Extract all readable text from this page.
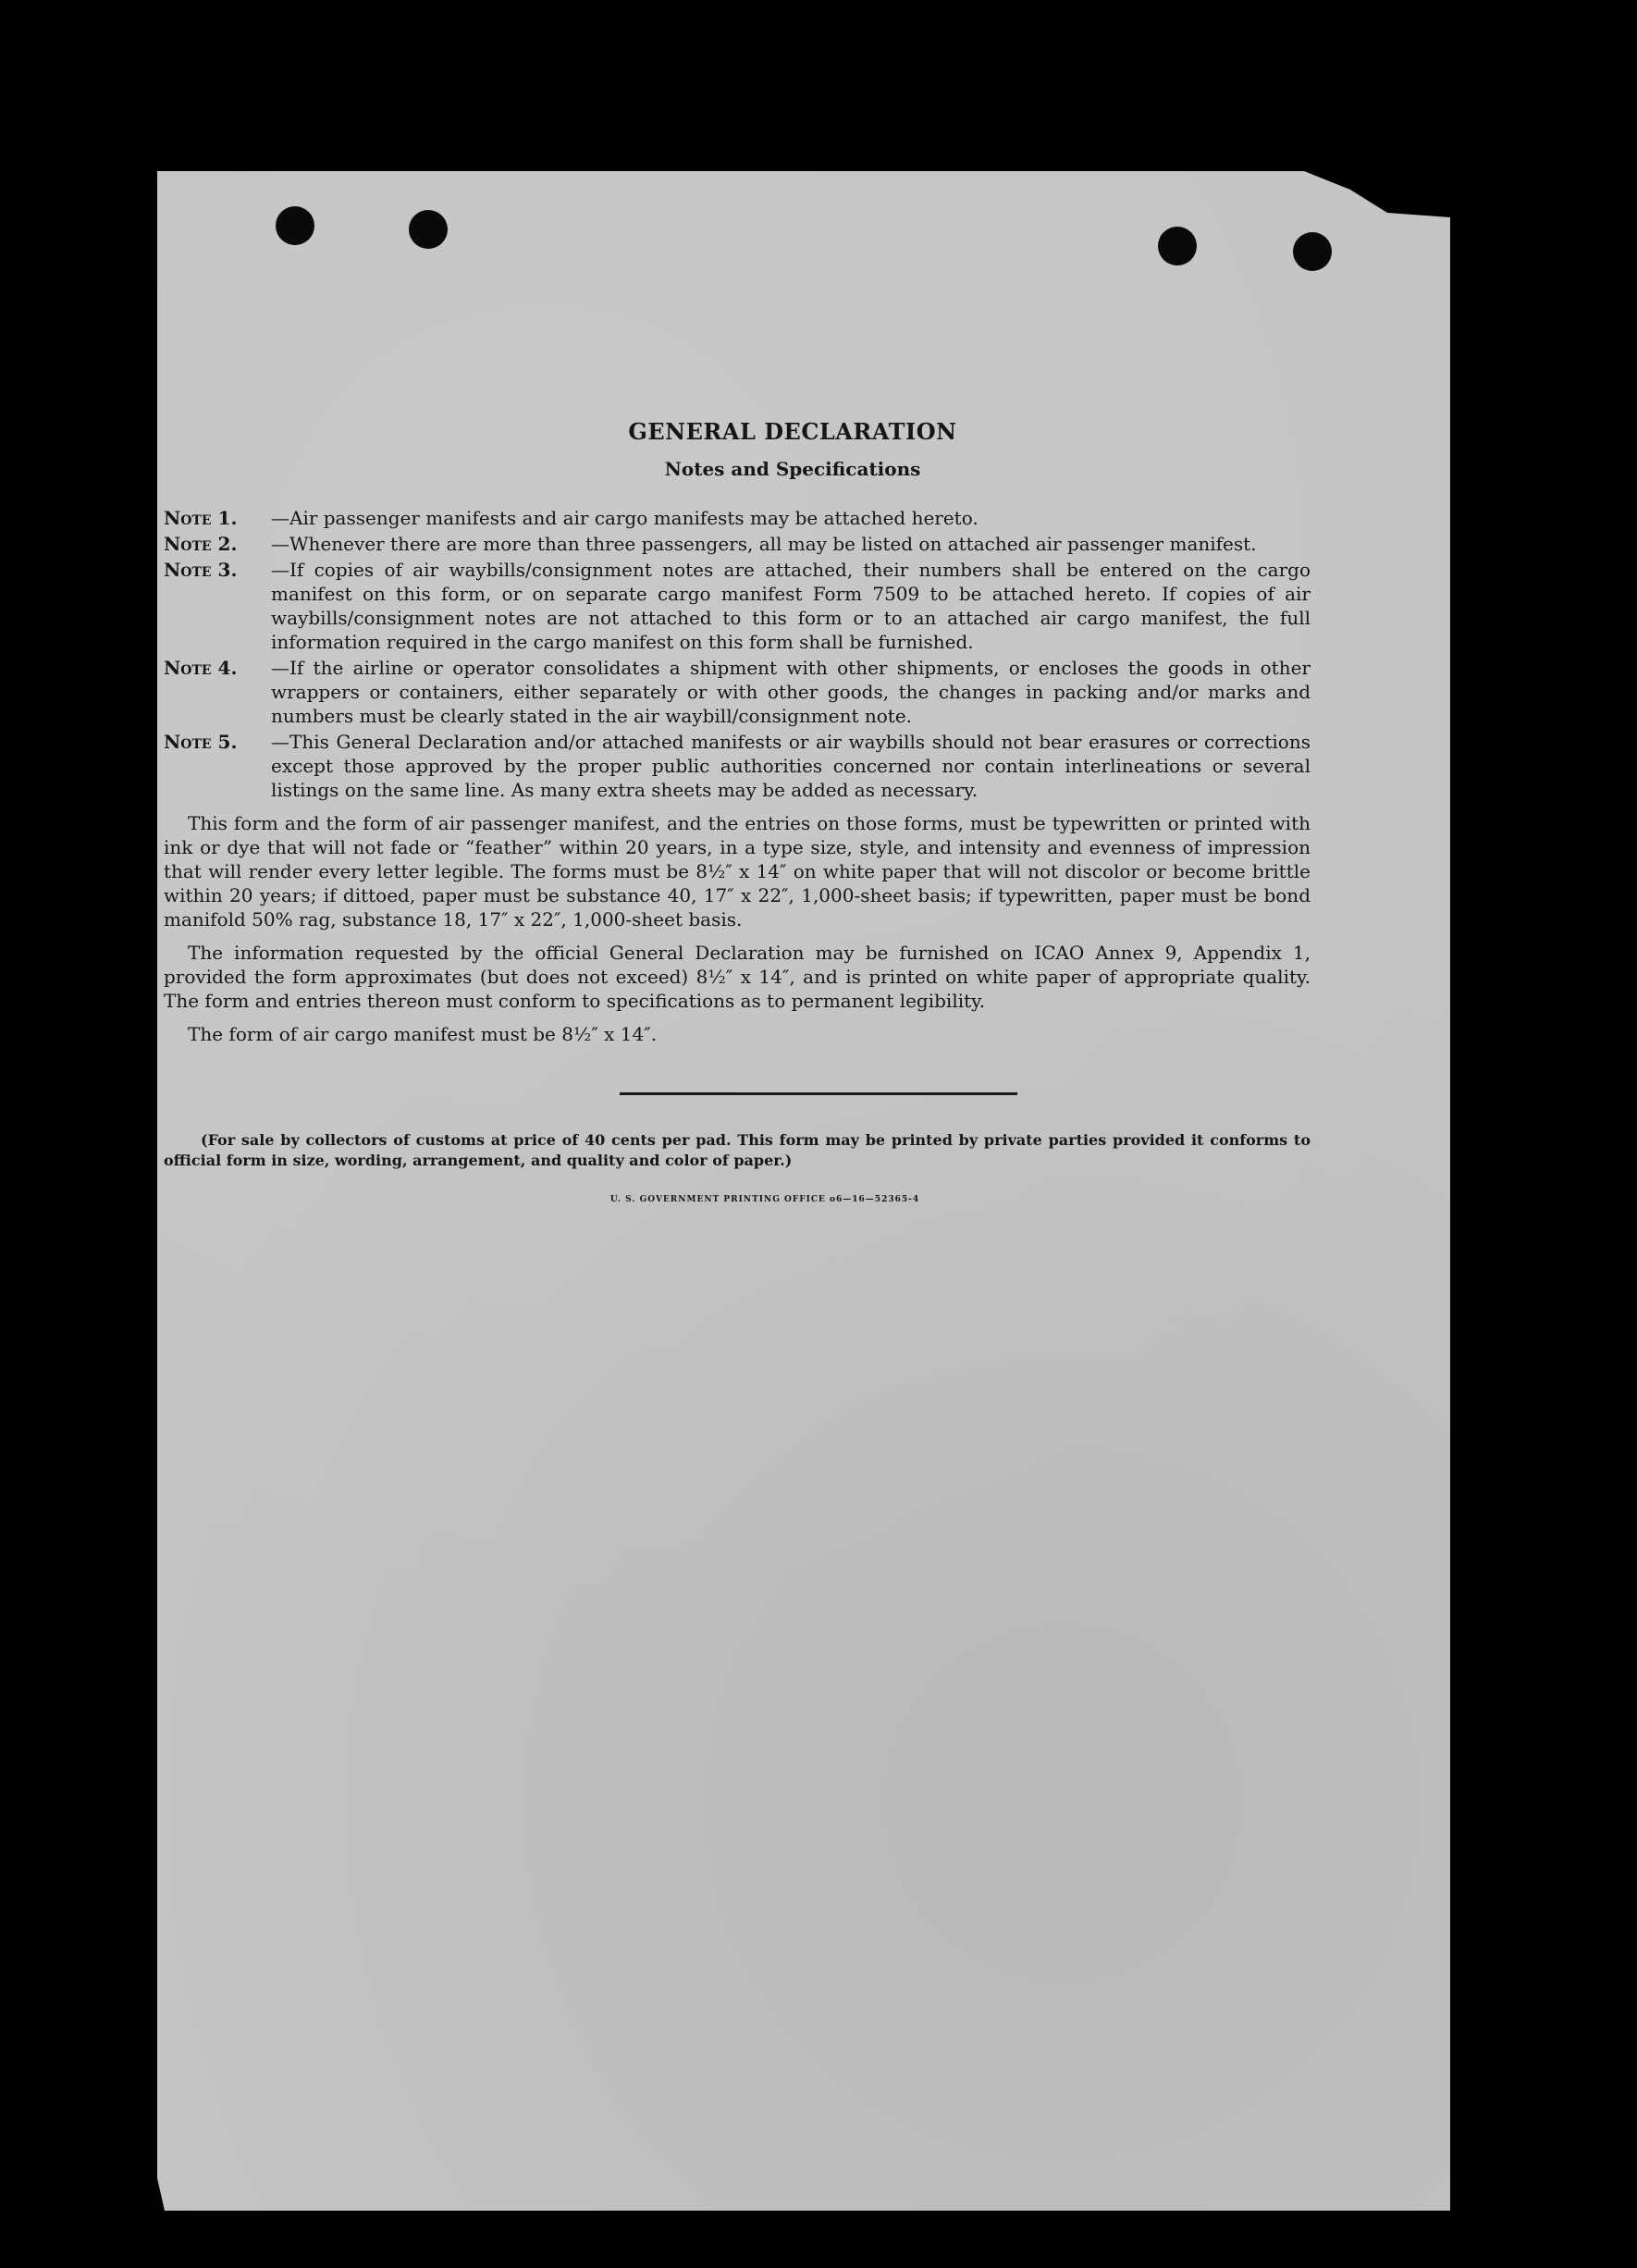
GENERAL DECLARATION
Notes and Specifications
Note 1.	—Air passenger manifests and air cargo manifests may be attached hereto.
Note 2.	—Whenever there are more than three passengers, all may be listed on attached air passenger manifest.
Note 3.	—If copies of air waybills/consignment notes are attached, their numbers shall be entered on the cargo manifest on this form, or on separate cargo manifest Form 7509 to be attached hereto. If copies of air waybills/consignment notes are not attached to this form or to an attached air cargo manifest, the full information required in the cargo manifest on this form shall be furnished.
Note 4.	—If the airline or operator consolidates a shipment with other shipments, or encloses the goods in other wrappers or containers, either separately or with other goods, the changes in packing and/or marks and numbers must be clearly stated in the air waybill/consignment note.
Note 5.	—This General Declaration and/or attached manifests or air waybills should not bear erasures or corrections except those approved by the proper public authorities concerned nor contain interlineations or several listings on the same line. As many extra sheets may be added as necessary.
This form and the form of air passenger manifest, and the entries on those forms, must be typewritten or printed with ink or dye that will not fade or “feather” within 20 years, in a type size, style, and intensity and evenness of impression that will render every letter legible. The forms must be 8½″ x 14″ on white paper that will not discolor or become brittle within 20 years; if dittoed, paper must be substance 40, 17″ x 22″, 1,000-sheet basis; if typewritten, paper must be bond manifold 50% rag, substance 18, 17″ x 22″, 1,000-sheet basis.
The information requested by the official General Declaration may be furnished on ICAO Annex 9, Appendix 1, provided the form approximates (but does not exceed) 8½″ x 14″, and is printed on white paper of appropriate quality. The form and entries thereon must conform to specifications as to permanent legibility.
The form of air cargo manifest must be 8½″ x 14″.
(For sale by collectors of customs at price of 40 cents per pad. This form may be printed by private parties provided it conforms to official form in size, wording, arrangement, and quality and color of paper.)
U. S. GOVERNMENT PRINTING OFFICE o6—16—52365-4
